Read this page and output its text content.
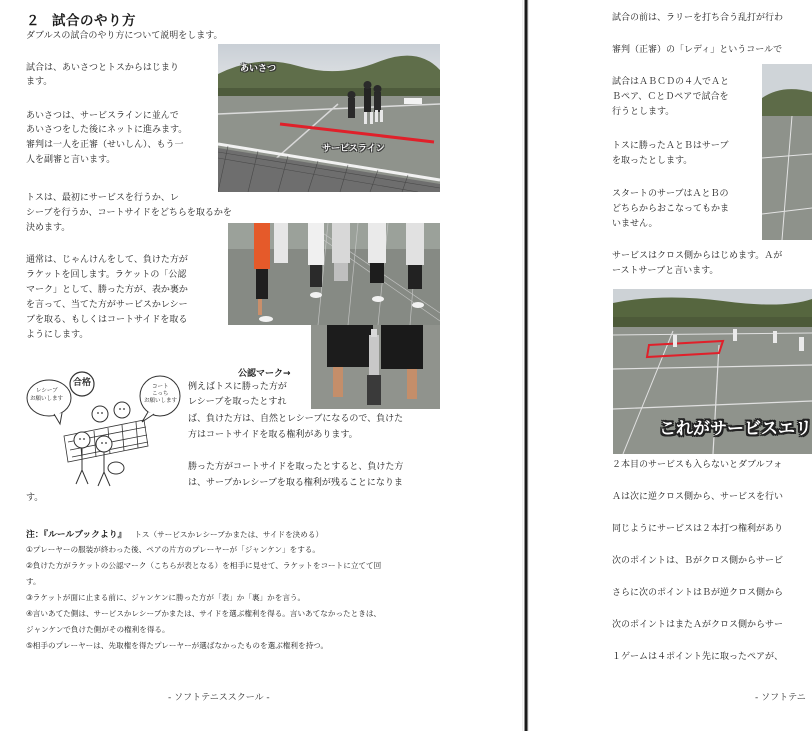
２ 試合のやり方
ダブルスの試合のやり方について説明をします。
試合は、あいさつとトスからはじまり
ます。
あいさつは、サービスラインに並んで
あいさつをした後にネットに進みます。
審判は一人を正審（せいしん）、もう一
人を副審と言います。
あいさつ
サービスライン
トスは、最初にサービスを行うか、レ
シーブを行うか、コートサイドをどちらを取るかを
決めます。
通常は、じゃんけんをして、負けた方が
ラケットを回します。ラケットの「公認
マーク」として、勝った方が、表か裏か
を言って、当てた方がサービスかレシー
ブを取る、もしくはコートサイドを取る
ようにします。
公認マーク→
レシーブ
お願いします
合格	コート
こっち
お願いします
例えばトスに勝った方が
レシーブを取ったとすれ
ば、負けた方は、自然とレシーブになるので、負けた
方はコートサイドを取る権利があります。
勝った方がコートサイドを取ったとすると、負けた方
は、サーブかレシーブを取る権利が残ることになりま
す。
注：『ルールブックより』 トス（サービスかレシーブかまたは、サイドを決める）
①プレーヤーの服装が終わった後、ペアの片方のプレーヤーが「ジャンケン」をする。
②負けた方がラケットの公認マーク（こちらが表となる）を相手に見せて、ラケットをコートに立てて回
す。
③ラケットが面に止まる前に、ジャンケンに勝った方が「表」か「裏」かを言う。
④言いあてた側は、サービスかレシーブかまたは、サイドを選ぶ権利を得る。言いあてなかったときは、
ジャンケンで負けた側がその権利を得る。
⑤相手のプレーヤーは、先取権を得たプレーヤーが選ばなかったものを選ぶ権利を持つ。
- ソフトテニススクール -
試合の前は、ラリーを打ち合う乱打が行わ
審判（正審）の「レディ」というコールで
試合はＡＢＣＤの４人でＡと
Ｂペア、ＣとＤペアで試合を
行うとします。
トスに勝ったＡとＢはサーブ
を取ったとします。
スタートのサーブはＡとＢの
どちらからおこなってもかま
いません。
サービスはクロス側からはじめます。Ａが
ーストサーブと言います。
これがサービスエリ
２本目のサービスも入らないとダブルフォ
Ａは次に逆クロス側から、サービスを行い
同じようにサービスは２本打つ権利があり
次のポイントは、Ｂがクロス側からサービ
さらに次のポイントはＢが逆クロス側から
次のポイントはまたＡがクロス側からサー
１ゲームは４ポイント先に取ったペアが、
- ソフトテニ
